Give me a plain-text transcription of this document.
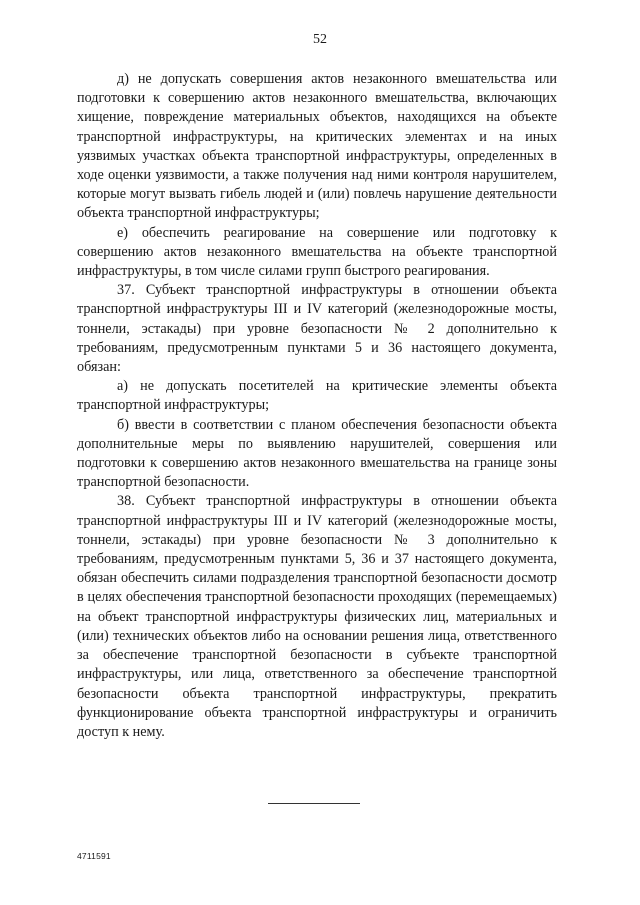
52

д) не допускать совершения актов незаконного вмешательства или подготовки к совершению актов незаконного вмешательства, включающих хищение, повреждение материальных объектов, находящихся на объекте транспортной инфраструктуры, на критических элементах и на иных уязвимых участках объекта транспортной инфраструктуры, определенных в ходе оценки уязвимости, а также получения над ними контроля нарушителем, которые могут вызвать гибель людей и (или) повлечь нарушение деятельности объекта транспортной инфраструктуры;

е) обеспечить реагирование на совершение или подготовку к совершению актов незаконного вмешательства на объекте транспортной инфраструктуры, в том числе силами групп быстрого реагирования.

37. Субъект транспортной инфраструктуры в отношении объекта транспортной инфраструктуры III и IV категорий (железнодорожные мосты, тоннели, эстакады) при уровне безопасности № 2 дополнительно к требованиям, предусмотренным пунктами 5 и 36 настоящего документа, обязан:

а) не допускать посетителей на критические элементы объекта транспортной инфраструктуры;

б) ввести в соответствии с планом обеспечения безопасности объекта дополнительные меры по выявлению нарушителей, совершения или подготовки к совершению актов незаконного вмешательства на границе зоны транспортной безопасности.

38. Субъект транспортной инфраструктуры в отношении объекта транспортной инфраструктуры III и IV категорий (железнодорожные мосты, тоннели, эстакады) при уровне безопасности № 3 дополнительно к требованиям, предусмотренным пунктами 5, 36 и 37 настоящего документа, обязан обеспечить силами подразделения транспортной безопасности досмотр в целях обеспечения транспортной безопасности проходящих (перемещаемых) на объект транспортной инфраструктуры физических лиц, материальных и (или) технических объектов либо на основании решения лица, ответственного за обеспечение транспортной безопасности в субъекте транспортной инфраструктуры, или лица, ответственного за обеспечение транспортной безопасности объекта транспортной инфраструктуры, прекратить функционирование объекта транспортной инфраструктуры и ограничить доступ к нему.

4711591
